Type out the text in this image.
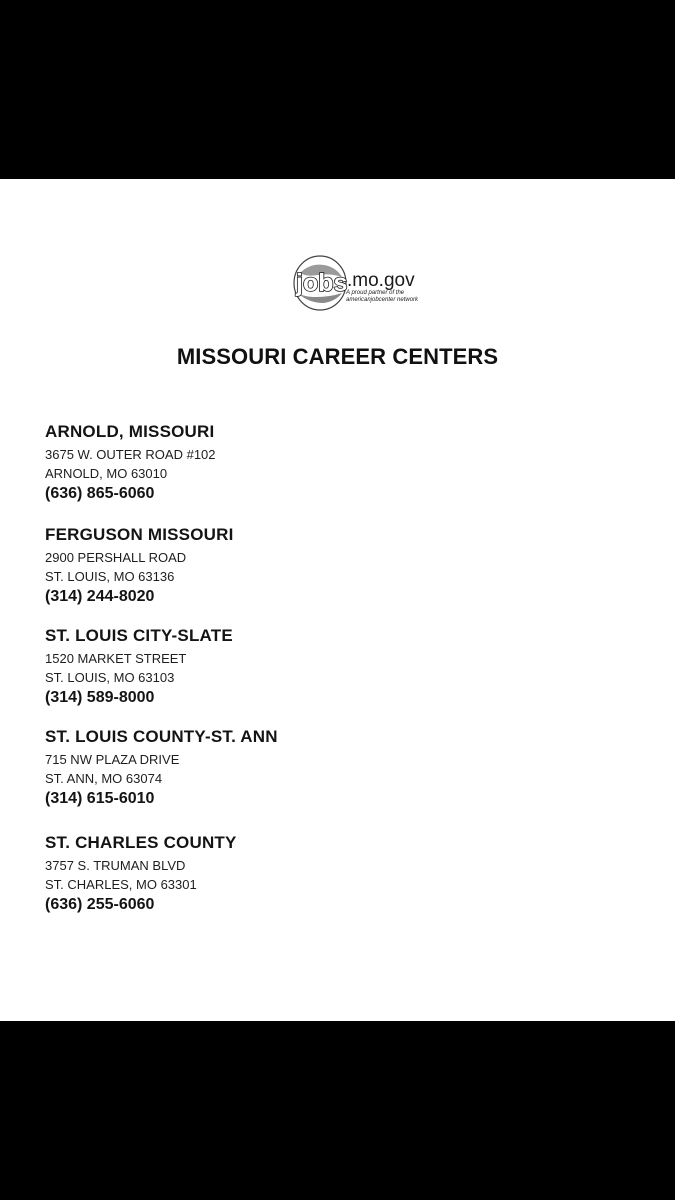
jobs .mo.gov
A proud partner of the
americanjobcenter network
MISSOURI CAREER CENTERS
ARNOLD, MISSOURI
3675 W. OUTER ROAD #102
ARNOLD, MO 63010
(636) 865-6060
FERGUSON MISSOURI
2900 PERSHALL ROAD
ST. LOUIS, MO 63136
(314) 244-8020
ST. LOUIS CITY-SLATE
1520 MARKET STREET
ST. LOUIS, MO 63103
(314) 589-8000
ST. LOUIS COUNTY-ST. ANN
715 NW PLAZA DRIVE
ST. ANN, MO 63074
(314) 615-6010
ST. CHARLES COUNTY
3757 S. TRUMAN BLVD
ST. CHARLES, MO 63301
(636) 255-6060
